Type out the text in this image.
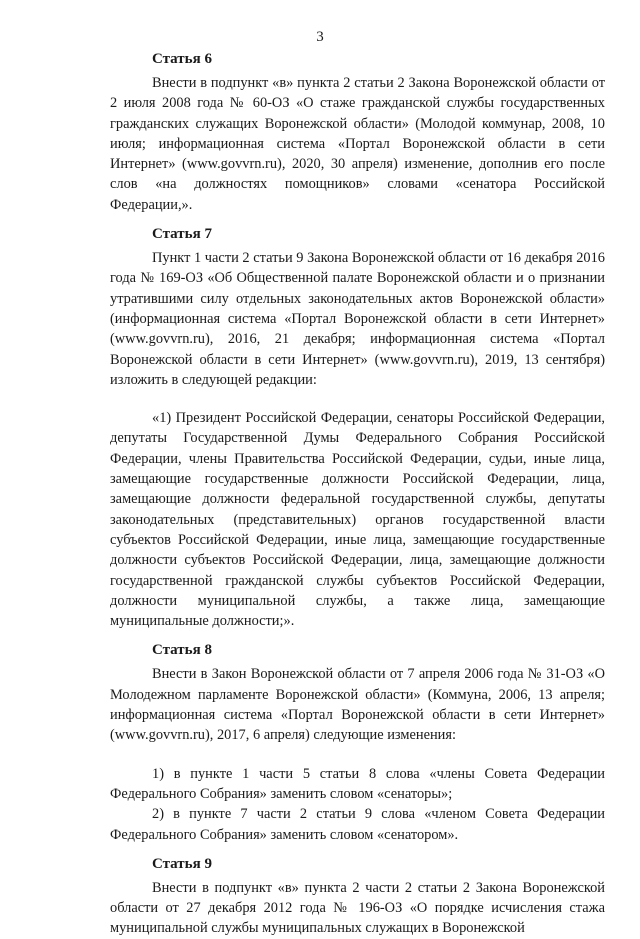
3
Статья 6

Внести в подпункт «в» пункта 2 статьи 2 Закона Воронежской области от 2 июля 2008 года № 60-ОЗ «О стаже гражданской службы государственных гражданских служащих Воронежской области» (Молодой коммунар, 2008, 10 июля; информационная система «Портал Воронежской области в сети Интернет» (www.govvrn.ru), 2020, 30 апреля) изменение, дополнив его после слов «на должностях помощников» словами «сенатора Российской Федерации,».

Статья 7

Пункт 1 части 2 статьи 9 Закона Воронежской области от 16 декабря 2016 года № 169-ОЗ «Об Общественной палате Воронежской области и о признании утратившими силу отдельных законодательных актов Воронежской области» (информационная система «Портал Воронежской области в сети Интернет» (www.govvrn.ru), 2016, 21 декабря; информационная система «Портал Воронежской области в сети Интернет» (www.govvrn.ru), 2019, 13 сентября) изложить в следующей редакции:

«1) Президент Российской Федерации, сенаторы Российской Федерации, депутаты Государственной Думы Федерального Собрания Российской Федерации, члены Правительства Российской Федерации, судьи, иные лица, замещающие государственные должности Российской Федерации, лица, замещающие должности федеральной государственной службы, депутаты законодательных (представительных) органов государственной власти субъектов Российской Федерации, иные лица, замещающие государственные должности субъектов Российской Федерации, лица, замещающие должности государственной гражданской службы субъектов Российской Федерации, должности муниципальной службы, а также лица, замещающие муниципальные должности;».

Статья 8

Внести в Закон Воронежской области от 7 апреля 2006 года № 31-ОЗ «О Молодежном парламенте Воронежской области» (Коммуна, 2006, 13 апреля; информационная система «Портал Воронежской области в сети Интернет» (www.govvrn.ru), 2017, 6 апреля) следующие изменения:

1) в пункте 1 части 5 статьи 8 слова «члены Совета Федерации Федерального Собрания» заменить словом «сенаторы»;

2) в пункте 7 части 2 статьи 9 слова «членом Совета Федерации Федерального Собрания» заменить словом «сенатором».

Статья 9

Внести в подпункт «в» пункта 2 части 2 статьи 2 Закона Воронежской области от 27 декабря 2012 года № 196-ОЗ «О порядке исчисления стажа муниципальной службы муниципальных служащих в Воронежской
